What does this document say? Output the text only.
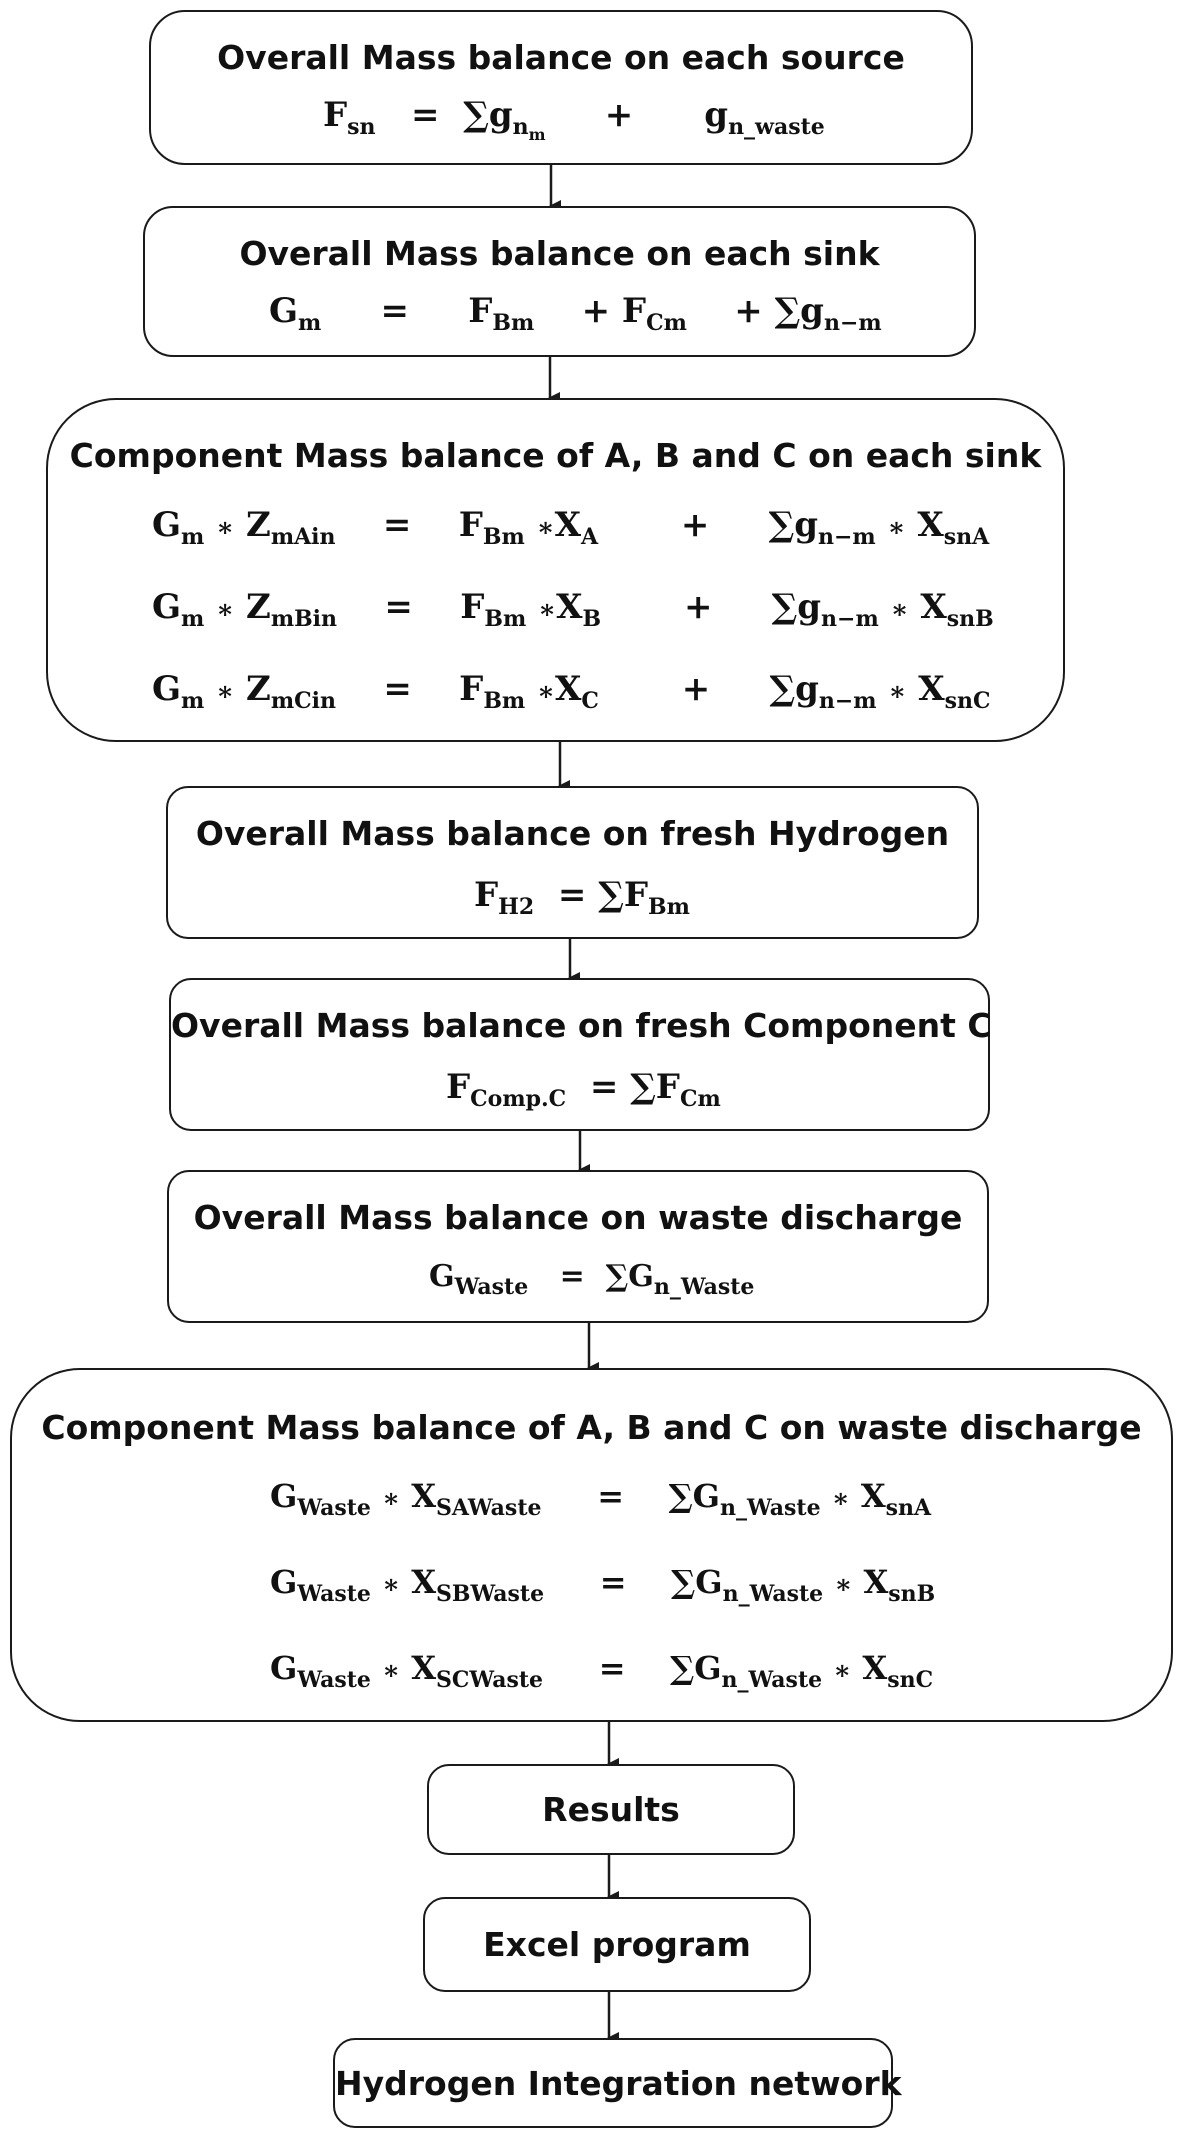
Overall Mass balance on each source
$F_{sn} = \sum g_{n_m} + g_{n\_waste}$
Overall Mass balance on each sink
$G_m = F_{Bm} + F_{Cm} + \sum g_{n-m}$
Component Mass balance of A, B and C on each sink
$G_m$ ∗ $Z_{mAin} = F_{Bm}$ $∗X_A + \sum g_{n-m}$ ∗ $X_{snA}$
$G_m$ ∗ $Z_{mBin} = F_{Bm}$ $∗X_B + \sum g_{n-m}$ ∗ $X_{snB}$
$G_m$ ∗ $Z_{mCin} = F_{Bm}$ $∗X_C + \sum g_{n-m}$ ∗ $X_{snC}$
Overall Mass balance on fresh Hydrogen
$F_{H2} = \sum F_{Bm}$
Overall Mass balance on fresh Component C
$F_{Comp.C} = \sum F_{Cm}$
Overall Mass balance on waste discharge
$G_{Waste} = \sum G_{n\_Waste}$
Component Mass balance of A, B and C on waste discharge
$G_{Waste}$ ∗ $X_{SAWaste} = \sum G_{n\_Waste}$ ∗ $X_{snA}$
$G_{Waste}$ ∗ $X_{SBWaste} = \sum G_{n\_Waste}$ ∗ $X_{snB}$
$G_{Waste}$ ∗ $X_{SCWaste} = \sum G_{n\_Waste}$ ∗ $X_{snC}$
Results
Excel program
Hydrogen Integration network
